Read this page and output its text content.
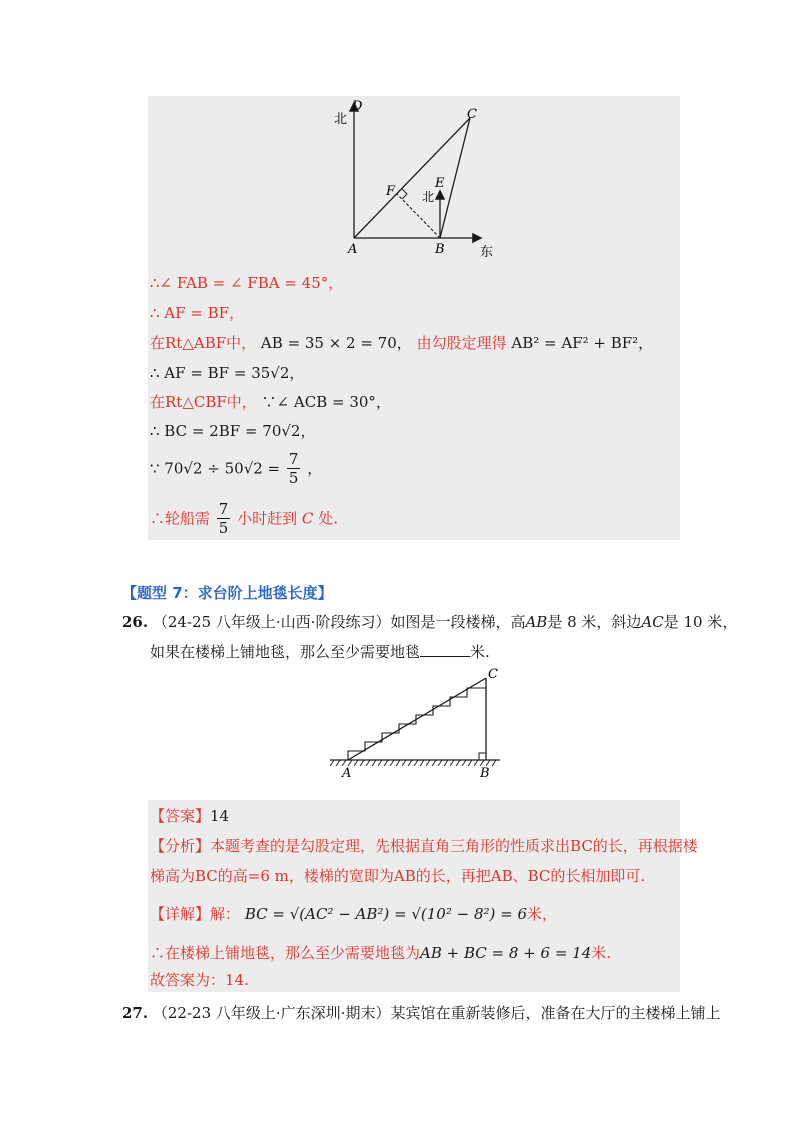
D
北	C
E
北
F
A	B	东
∴∠ FAB = ∠ FBA = 45°，
∴ AF = BF，
在Rt△ABF中， AB = 35 × 2 = 70， 由勾股定理得 AB² = AF² + BF²，
∴ AF = BF = 35√2，
在Rt△CBF中， ∵∠ ACB = 30°，
∴ BC = 2BF = 70√2，
∵ $70√2 \div 50√2 = \frac{7}{5}$ ，
∴轮船需 $\frac{7}{5}$ 小时赶到 C 处.
【题型 7：求台阶上地毯长度】
26. （24-25 八年级上·山西·阶段练习）如图是一段楼梯，高AB是 8 米，斜边AC是 10 米，
如果在楼梯上铺地毯，那么至少需要地毯	米.
A	B
C
【答案】14
【分析】本题考查的是勾股定理，先根据直角三角形的性质求出BC的长，再根据楼
梯高为BC的高=6 m，楼梯的宽即为AB的长，再把AB、BC的长相加即可.
【详解】解： BC = √(AC² − AB²) = √(10² − 8²) = 6米，
∴在楼梯上铺地毯，那么至少需要地毯为AB + BC = 8 + 6 = 14米.
故答案为：14.
27. （22-23 八年级上·广东深圳·期末）某宾馆在重新装修后，准备在大厅的主楼梯上铺上
